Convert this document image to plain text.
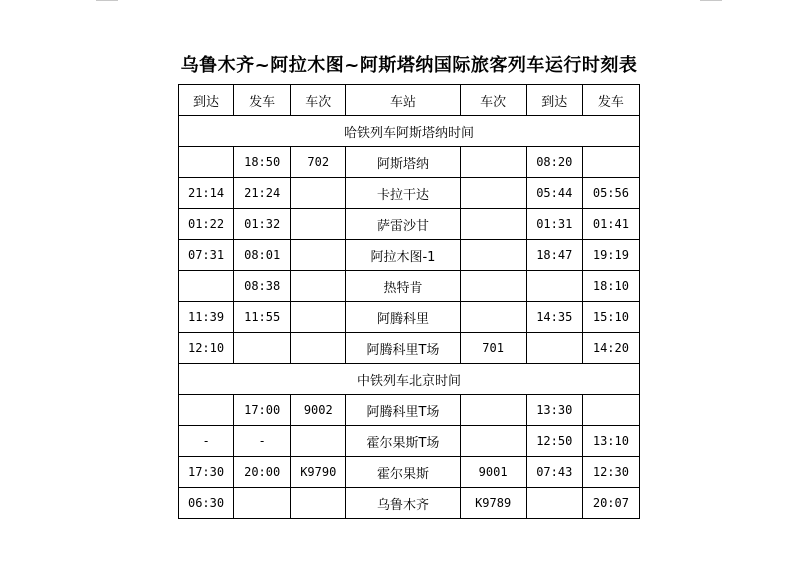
乌鲁木齐~阿拉木图~阿斯塔纳国际旅客列车运行时刻表
到达	发车	车次	车站	车次	到达	发车
哈铁列车阿斯塔纳时间						
	18:50	702	阿斯塔纳		08:20	
21:14	21:24		卡拉干达		05:44	05:56
01:22	01:32		萨雷沙甘		01:31	01:41
07:31	08:01		阿拉木图-1		18:47	19:19
	08:38		热特肯			18:10
11:39	11:55		阿腾科里		14:35	15:10
12:10			阿腾科里T场	701		14:20
中铁列车北京时间						
	17:00	9002	阿腾科里T场		13:30	
-	-		霍尔果斯T场		12:50	13:10
17:30	20:00	K9790	霍尔果斯	9001	07:43	12:30
06:30			乌鲁木齐	K9789		20:07
